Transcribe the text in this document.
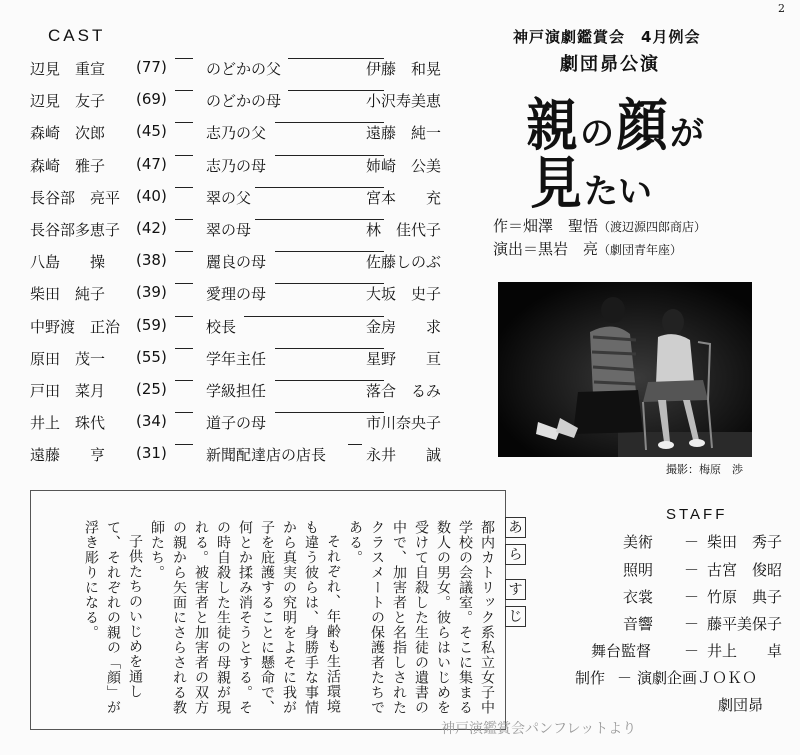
2
CAST
辺見　重宣 (77)	のどかの父	伊藤　和晃
辺見　友子 (69)	のどかの母	小沢寿美恵
森崎　次郎 (45)	志乃の父	遠藤　純一
森崎　雅子 (47)	志乃の母	姉崎　公美
長谷部　亮平 (40)	翠の父	宮本　　充
長谷部多恵子 (42)	翠の母	林　佳代子
八島　　操 (38)	麗良の母	佐藤しのぶ
柴田　純子 (39)	愛理の母	大坂　史子
中野渡　正治 (59)	校長	金房　　求
原田　茂一 (55)	学年主任	星野　　亘
戸田　菜月 (25)	学級担任	落合　るみ
井上　珠代 (34)	道子の母	市川奈央子
遠藤　　亨 (31)	新聞配達店の店長	永井　　誠
神戸演劇鑑賞会　4月例会
劇団昴公演
親の顔が
見たい
作＝畑澤　聖悟（渡辺源四郎商店）
演出＝黒岩　亮（劇団青年座）
撮影：梅原　渉
あ
ら
す
じ

都内カトリック系私立女子中学校の会議室。そこに集まる数人の男女。彼らはいじめを受けて自殺した生徒の遺書の中で、加害者と名指しされたクラスメートの保護者たちである。

それぞれ、年齢も生活環境も違う彼らは、身勝手な事情から真実の究明をよそに我が子を庇護することに懸命で、何とか揉み消そうとする。その時自殺した生徒の母親が現れる。被害者と加害者の双方の親から矢面にさらされる教師たち。

子供たちのいじめを通して、それぞれの親の「顔」が浮き彫りになる。

STAFF
美術 － 柴田　秀子
照明 － 古宮　俊昭
衣裳 － 竹原　典子
音響 － 藤平美保子
舞台監督 － 井上　　卓
制作 － 演劇企画ＪＯＫＯ
劇団昴
神戸演鑑賞会パンフレットより
